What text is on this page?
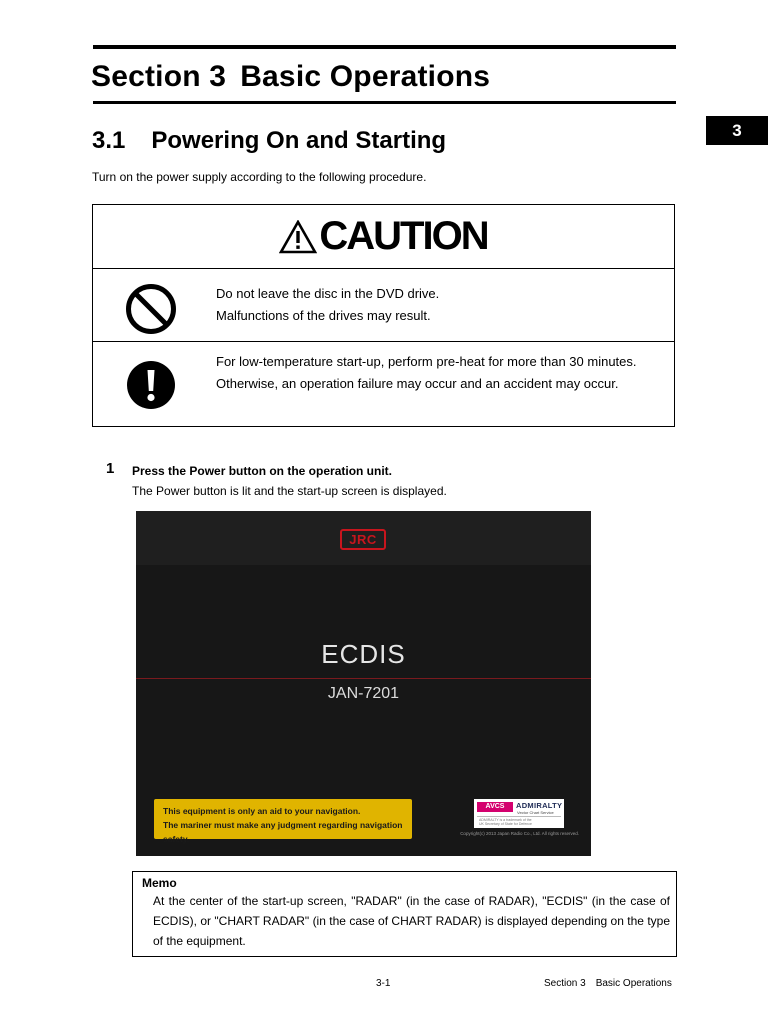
Section 3 Basic Operations
3
3.1 Powering On and Starting
Turn on the power supply according to the following procedure.
CAUTION
Do not leave the disc in the DVD drive.
Malfunctions of the drives may result.
For low-temperature start-up, perform pre-heat for more than 30 minutes.
Otherwise, an operation failure may occur and an accident may occur.
1 Press the Power button on the operation unit.
The Power button is lit and the start-up screen is displayed.
JRC
ECDIS
JAN-7201
This equipment is only an aid to your navigation.
The mariner must make any judgment regarding navigation safety.
AVCS	ADMIRALTY
Vector Chart Service
ADMIRALTY is a trademark of the
UK Secretary of State for Defence
Copyright(c) 2013 Japan Radio Co., Ltd. All rights reserved.
Memo
At the center of the start-up screen, "RADAR" (in the case of RADAR), "ECDIS" (in the case of ECDIS), or "CHART RADAR" (in the case of CHART RADAR) is displayed depending on the type of the equipment.
3-1	Section 3 Basic Operations
